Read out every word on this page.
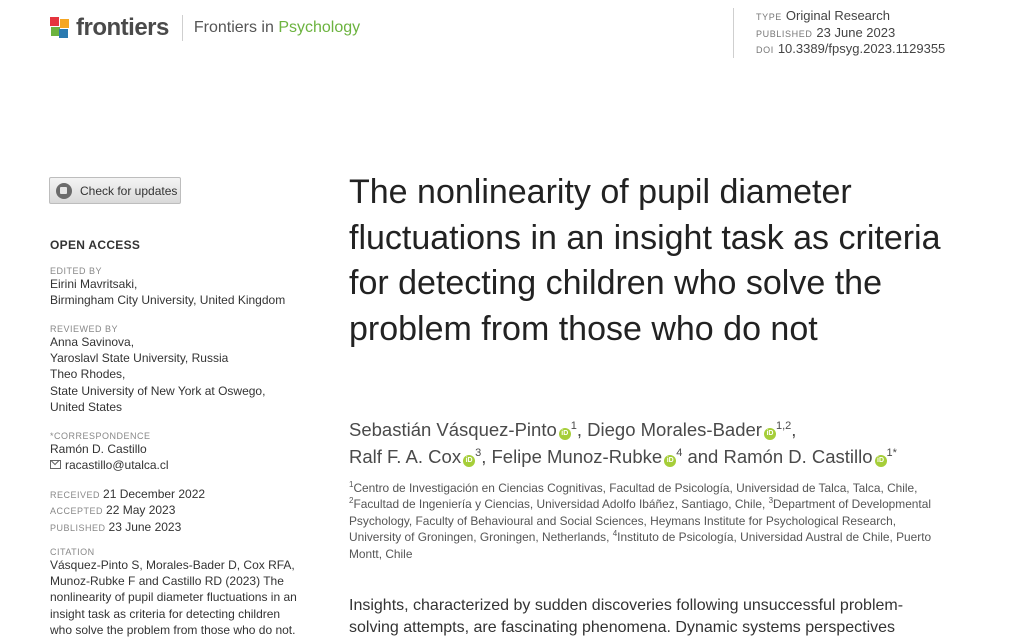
frontiers Frontiers in Psychology
TYPE Original Research
PUBLISHED 23 June 2023
DOI 10.3389/fpsyg.2023.1129355
Check for updates
OPEN ACCESS
EDITED BY
Eirini Mavritsaki,
Birmingham City University, United Kingdom
REVIEWED BY
Anna Savinova,
Yaroslavl State University, Russia
Theo Rhodes,
State University of New York at Oswego,
United States
*CORRESPONDENCE
Ramón D. Castillo
racastillo@utalca.cl
RECEIVED 21 December 2022
ACCEPTED 22 May 2023
PUBLISHED 23 June 2023
CITATION
Vásquez-Pinto S, Morales-Bader D, Cox RFA,
Munoz-Rubke F and Castillo RD (2023) The
nonlinearity of pupil diameter fluctuations in an
insight task as criteria for detecting children
who solve the problem from those who do not.
The nonlinearity of pupil diameter fluctuations in an insight task as criteria for detecting children who solve the problem from those who do not
Sebastián Vásquez-Pinto $iD^1$, Diego Morales-Bader iD$^{1,2}$,
Ralf F. A. Cox $iD^3$, Felipe Munoz-Rubke $iD^4$ and Ramón D. Castillo $iD^{1*}$
$^1$Centro de Investigación en Ciencias Cognitivas, Facultad de Psicología, Universidad de Talca, Talca, Chile, $^2$Facultad de Ingeniería y Ciencias, Universidad Adolfo Ibáñez, Santiago, Chile, $^3$Department of Developmental Psychology, Faculty of Behavioural and Social Sciences, Heymans Institute for Psychological Research, University of Groningen, Groningen, Netherlands, $^4$Instituto de Psicología, Universidad Austral de Chile, Puerto Montt, Chile
Insights, characterized by sudden discoveries following unsuccessful problem-solving attempts, are fascinating phenomena. Dynamic systems perspectives
